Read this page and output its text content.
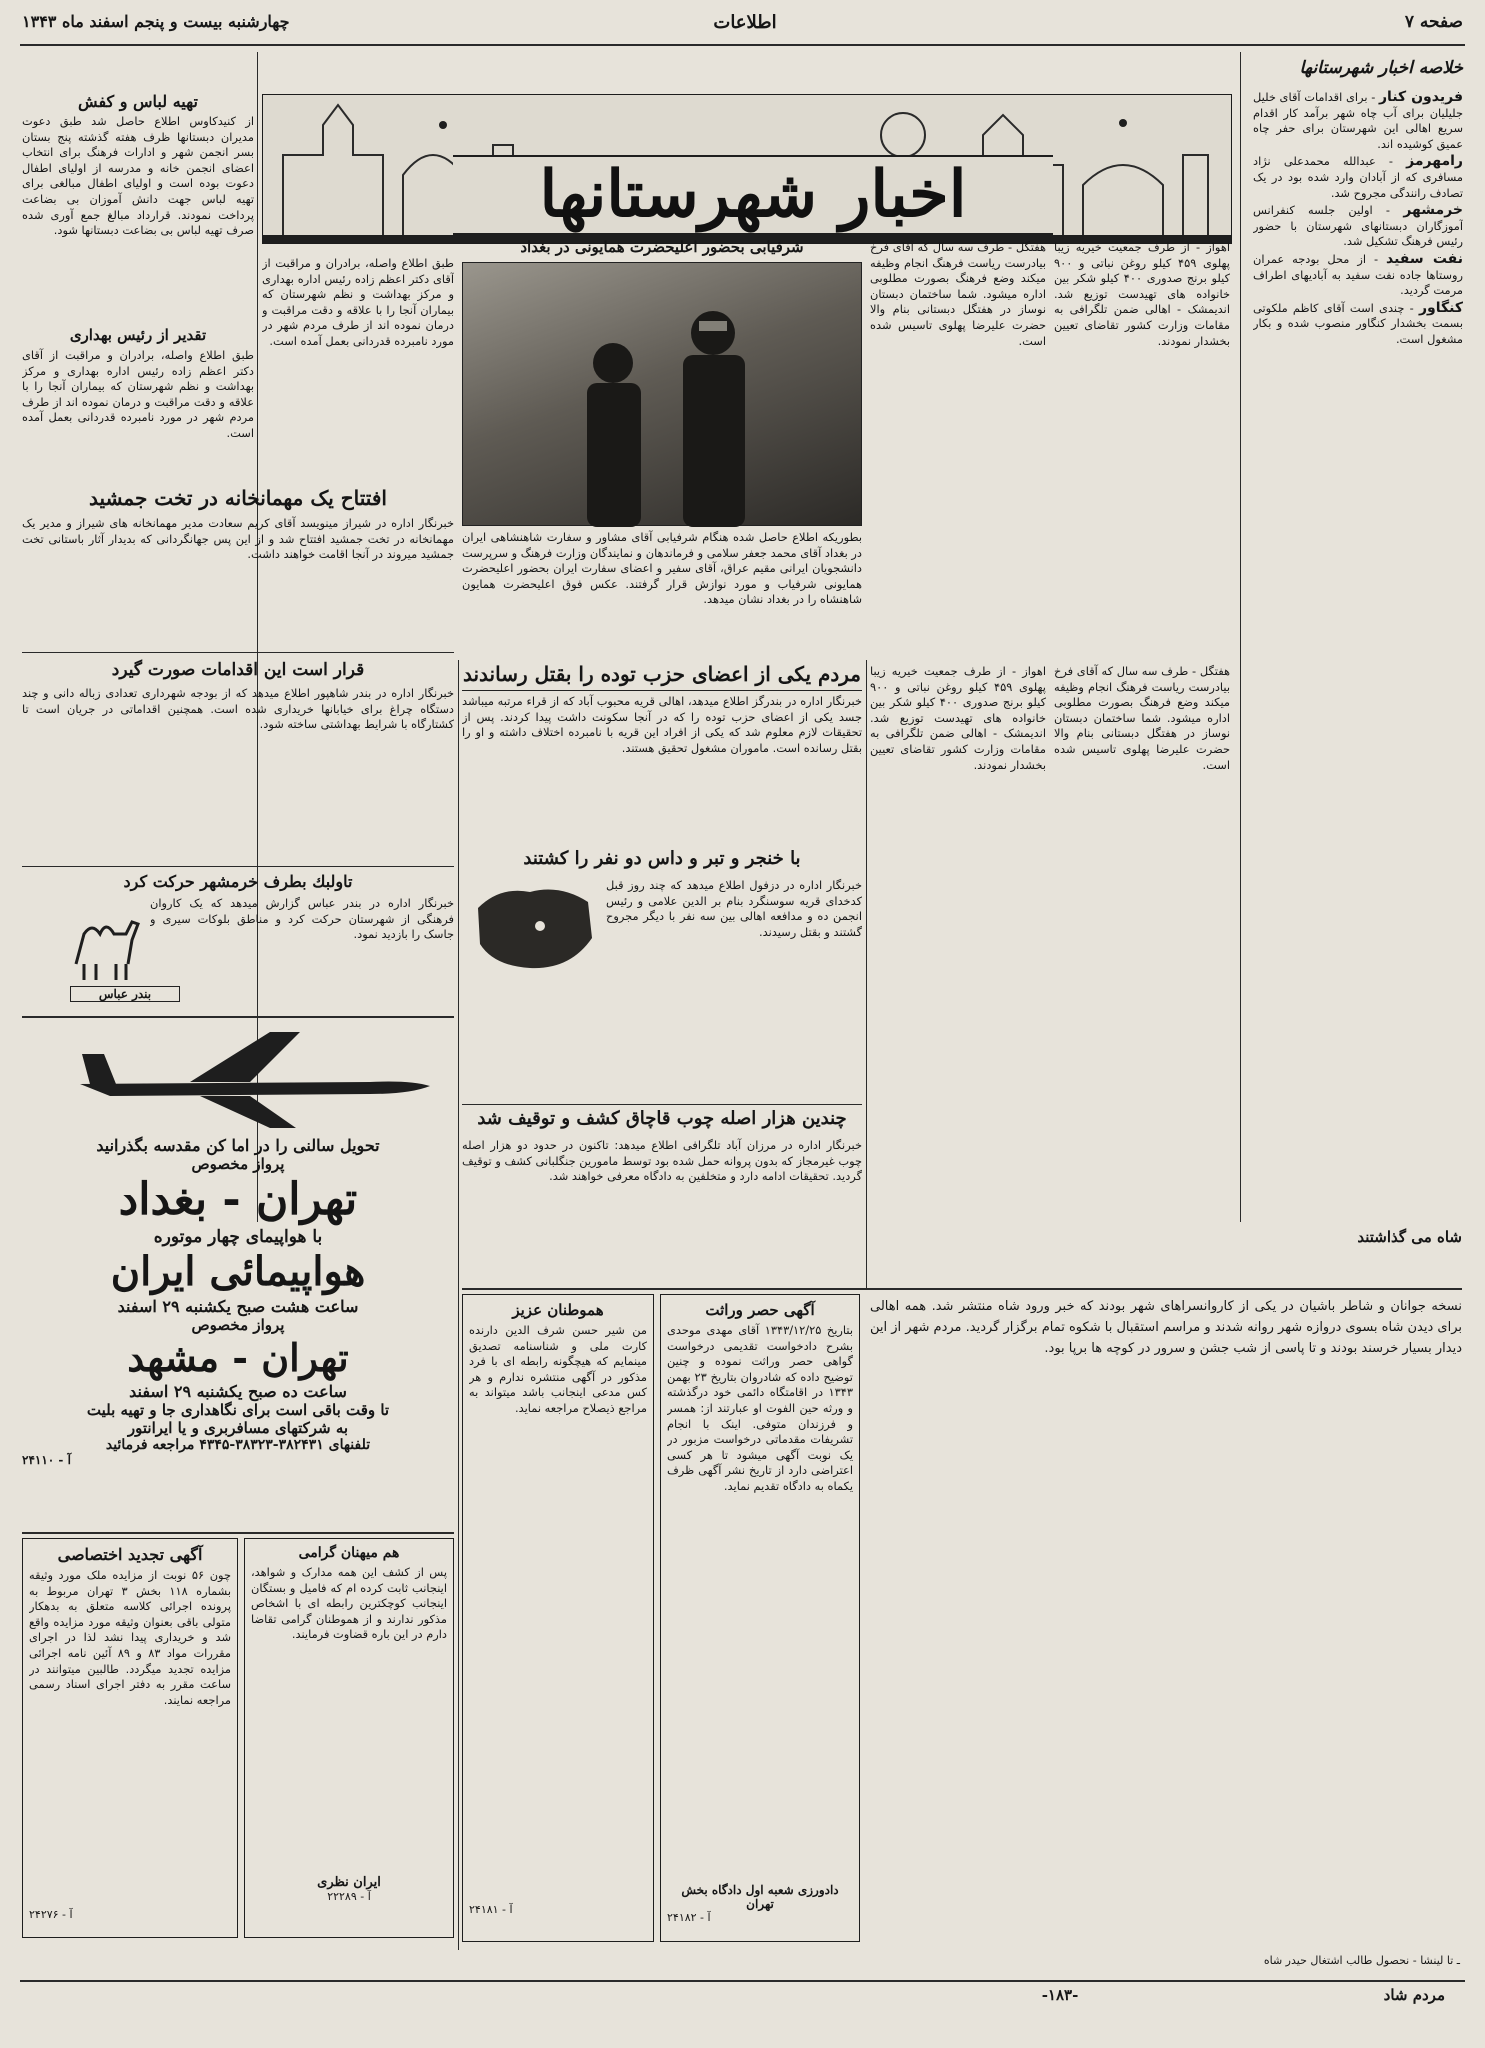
صفحه ۷
اطلاعات
چهارشنبه بیست و پنجم اسفند ماه ۱۳۴۳
خلاصه اخبار شهرستانها

فریدون کنار - برای اقدامات آقای خلیل جلیلیان برای آب چاه شهر برآمد کار اقدام سریع اهالی این شهرستان برای حفر چاه عمیق کوشیده اند.

رامهرمز - عبدالله محمدعلی نژاد مسافری که از آبادان وارد شده بود در یک تصادف رانندگی مجروح شد.

خرمشهر - اولین جلسه کنفرانس آموزگاران دبستانهای شهرستان با حضور رئیس فرهنگ تشکیل شد.

نفت سفید - از محل بودجه عمران روستاها جاده نفت سفید به آبادیهای اطراف مرمت گردید.

کنگاور - چندی است آقای کاظم ملکوتی بسمت بخشدار کنگاور منصوب شده و بکار مشغول است.

اخبار شهرستانها
تهیه لباس و کفش
از کنیدکاوس اطلاع حاصل شد طبق دعوت مدیران دبستانها ظرف هفته گذشته پنج بستان بسر انجمن شهر و ادارات فرهنگ برای انتخاب اعضای انجمن خانه و مدرسه از اولیای اطفال دعوت بوده است و اولیای اطفال مبالغی برای تهیه لباس جهت دانش آموزان بی بضاعت پرداخت نمودند. قرارداد مبالغ جمع آوری شده صرف تهیه لباس بی بضاعت دبستانها شود.
تقدیر از رئیس بهداری
طبق اطلاع واصله، برادران و مراقبت از آقای دکتر اعظم زاده رئیس اداره بهداری و مرکز بهداشت و نظم شهرستان که بیماران آنجا را با علاقه و دقت مراقبت و درمان نموده اند از طرف مردم شهر در مورد نامبرده قدردانی بعمل آمده است.
شرفیابی بحضور اعلیحضرت همایونی در بغداد
بطوریکه اطلاع حاصل شده هنگام شرفیابی آقای مشاور و سفارت شاهنشاهی ایران در بغداد آقای محمد جعفر سلامی و فرماندهان و نمایندگان وزارت فرهنگ و سرپرست دانشجویان ایرانی مقیم عراق، آقای سفیر و اعضای سفارت ایران بحضور اعلیحضرت همایونی شرفیاب و مورد نوازش قرار گرفتند. عکس فوق اعلیحضرت همایون شاهنشاه را در بغداد نشان میدهد.
هفتگل - طرف سه سال که آقای فرخ بیادرست ریاست فرهنگ انجام وظیفه میکند وضع فرهنگ بصورت مطلوبی اداره میشود. شما ساختمان دبستان نوساز در هفتگل دبستانی بنام والا حضرت علیرضا پهلوی تاسیس شده است.
اهواز - از طرف جمعیت خیریه زیبا پهلوی ۴۵۹ کیلو روغن نباتی و ۹۰۰ کیلو برنج صدوری ۴۰۰ کیلو شکر بین خانواده های تهیدست توزیع شد. اندیمشک - اهالی ضمن تلگرافی به مقامات وزارت کشور تقاضای تعیین بخشدار نمودند.
طبق اطلاع واصله، برادران و مراقبت از آقای دکتر اعظم زاده رئیس اداره بهداری و مرکز بهداشت و نظم شهرستان که بیماران آنجا را با علاقه و دقت مراقبت و درمان نموده اند از طرف مردم شهر در مورد نامبرده قدردانی بعمل آمده است.
افتتاح یک مهمانخانه در تخت جمشید
خبرنگار اداره در شیراز مینویسد آقای کریم سعادت مدیر مهمانخانه های شیراز و مدیر یک مهمانخانه در تخت جمشید افتتاح شد و از این پس جهانگردانی که بدیدار آثار باستانی تخت جمشید میروند در آنجا اقامت خواهند داشت.
قرار است این اقدامات صورت گیرد
خبرنگار اداره در بندر شاهپور اطلاع میدهد که از بودجه شهرداری تعدادی زباله دانی و چند دستگاه چراغ برای خیابانها خریداری شده است. همچنین اقداماتی در جریان است تا کشتارگاه با شرایط بهداشتی ساخته شود.
تاولبك بطرف خرمشهر حرکت کرد
خبرنگار اداره در بندر عباس گزارش میدهد که یک کاروان فرهنگی از شهرستان حرکت کرد و مناطق بلوکات سیری و جاسک را بازدید نمود.
بندر عباس
تحویل سالنی را در اما کن مقدسه بگذرانید
پرواز مخصوص
تهران - بغداد
با هواپیمای چهار موتوره
هواپیمائی ایران
ساعت هشت صبح یکشنبه ۲۹ اسفند
پرواز مخصوص
تهران - مشهد
ساعت ده صبح یکشنبه ۲۹ اسفند
تا وقت باقی است برای نگاهداری جا و تهیه بلیت
به شرکتهای مسافربری و یا ایرانتور
تلفنهای ۳۸۲۴۳۱-۳۸۳۲۳-۴۳۴۵ مراجعه فرمائید
آ - ۲۴۱۱۰
آگهی تجدید اختصاصی
چون ۵۶ نوبت از مزایده ملک مورد وثیقه بشماره ۱۱۸ بخش ۳ تهران مربوط به پرونده اجرائی کلاسه متعلق به بدهکار متولی باقی بعنوان وثیقه مورد مزایده واقع شد و خریداری پیدا نشد لذا در اجرای مقررات مواد ۸۳ و ۸۹ آئین نامه اجرائی مزایده تجدید میگردد. طالبین میتوانند در ساعت مقرر به دفتر اجرای اسناد رسمی مراجعه نمایند.
آ - ۲۴۲۷۶
هم میهنان گرامی
پس از کشف این همه مدارک و شواهد، اینجانب ثابت کرده ام که فامیل و بستگان اینجانب کوچکترین رابطه ای با اشخاص مذکور ندارند و از هموطنان گرامی تقاضا دارم در این باره قضاوت فرمایند.
ایران نظری
آ - ۲۲۲۸۹
مردم یکی از اعضای حزب توده را بقتل رساندند
خبرنگار اداره در بندرگز اطلاع میدهد، اهالی قریه محبوب آباد که از قراء مرتبه میباشد جسد یکی از اعضای حزب توده را که در آنجا سکونت داشت پیدا کردند. پس از تحقیقات لازم معلوم شد که یکی از افراد این قریه با نامبرده اختلاف داشته و او را بقتل رسانده است. ماموران مشغول تحقیق هستند.
با خنجر و تبر و داس دو نفر را کشتند
خبرنگار اداره در دزفول اطلاع میدهد که چند روز قبل کدخدای قریه سوسنگرد بنام بر الدین علامی و رئیس انجمن ده و مدافعه اهالی بین سه نفر با دیگر مجروح گشتند و بقتل رسیدند.
چندین هزار اصله چوب قاچاق کشف و توقیف شد
خبرنگار اداره در مرزان آباد تلگرافی اطلاع میدهد: تاکنون در حدود دو هزار اصله چوب غیرمجاز که بدون پروانه حمل شده بود توسط مامورین جنگلبانی کشف و توقیف گردید. تحقیقات ادامه دارد و متخلفین به دادگاه معرفی خواهند شد.
آگهی حصر وراثت
بتاریخ ۱۳۴۳/۱۲/۲۵ آقای مهدی موحدی بشرح دادخواست تقدیمی درخواست گواهی حصر وراثت نموده و چنین توضیح داده که شادروان بتاریخ ۲۳ بهمن ۱۳۴۳ در اقامتگاه دائمی خود درگذشته و ورثه حین الفوت او عبارتند از: همسر و فرزندان متوفی. اینک با انجام تشریفات مقدماتی درخواست مزبور در یک نوبت آگهی میشود تا هر کسی اعتراضی دارد از تاریخ نشر آگهی ظرف یکماه به دادگاه تقدیم نماید.
دادورزی شعبه اول دادگاه بخش تهران
آ - ۲۴۱۸۲
هموطنان عزیز
من شیر حسن شرف الدین دارنده کارت ملی و شناسنامه تصدیق مینمایم که هیچگونه رابطه ای با فرد مذکور در آگهی منتشره ندارم و هر کس مدعی اینجانب باشد میتواند به مراجع ذیصلاح مراجعه نماید.
آ - ۲۴۱۸۱
اهواز - از طرف جمعیت خیریه زیبا پهلوی ۴۵۹ کیلو روغن نباتی و ۹۰۰ کیلو برنج صدوری ۴۰۰ کیلو شکر بین خانواده های تهیدست توزیع شد. اندیمشک - اهالی ضمن تلگرافی به مقامات وزارت کشور تقاضای تعیین بخشدار نمودند.
هفتگل - طرف سه سال که آقای فرخ بیادرست ریاست فرهنگ انجام وظیفه میکند وضع فرهنگ بصورت مطلوبی اداره میشود. شما ساختمان دبستان نوساز در هفتگل دبستانی بنام والا حضرت علیرضا پهلوی تاسیس شده است.
شاه می گذاشتند
نسخه جوانان و شاطر باشیان در یکی از کاروانسراهای شهر بودند که خبر ورود شاه منتشر شد. همه اهالی برای دیدن شاه بسوی دروازه شهر روانه شدند و مراسم استقبال با شکوه تمام برگزار گردید. مردم شهر از این دیدار بسیار خرسند بودند و تا پاسی از شب جشن و سرور در کوچه ها برپا بود.
-۱۸۳-	مردم شاد
ـ تا لینشا - نحصول طالب اشتغال حیدر شاه
